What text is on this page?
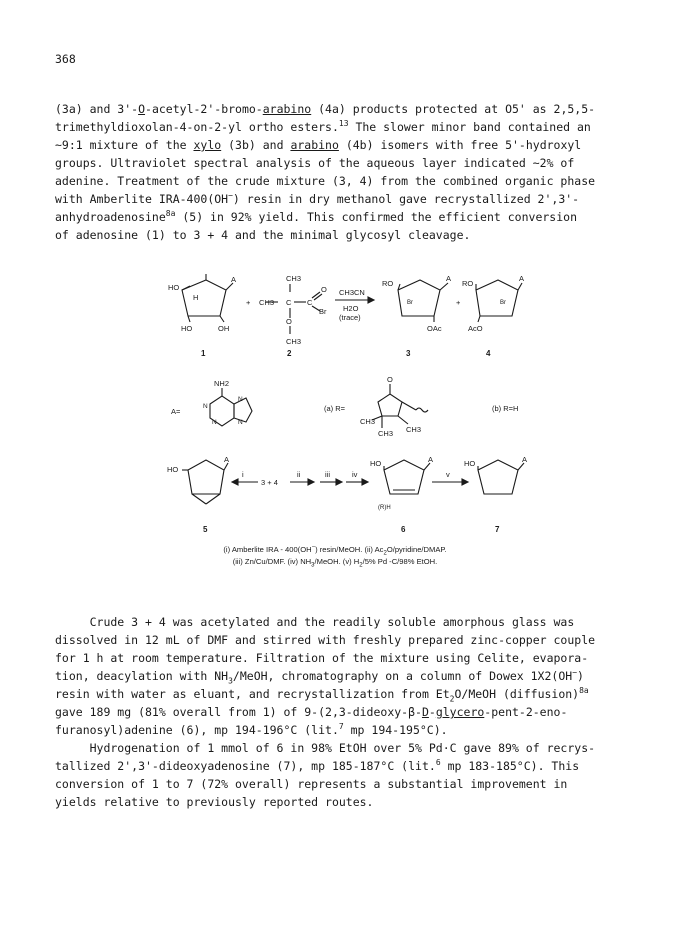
368

(3a) and 3'-O-acetyl-2'-bromo-arabino (4a) products protected at O5' as 2,5,5-

trimethyldioxolan-4-on-2-yl ortho esters.$^{13}$ The slower minor band contained an

~9:1 mixture of the xylo (3b) and arabino (4b) isomers with free 5'-hydroxyl

groups. Ultraviolet spectral analysis of the aqueous layer indicated ~2% of

adenine. Treatment of the crude mixture (3, 4) from the combined organic phase

with Amberlite IRA-400(OH−) resin in dry methanol gave recrystallized 2',3'-

anhydroadenosine$^{8a}$ (5) in 92% yield. This confirmed the efficient conversion

of adenosine (1) to 3 + 4 and the minimal glycosyl cleavage.

HO
H
HO	OH
A
1
+ CH3
CH3
C C
O
Br
O
CH3
2
CH3CN
H2O
(trace)
RO
A
Br
OAc
3
+
RO
A
Br
AcO
4
A=
NH2
N
N
N	N
(a) R=
O
CH3
CH3 CH3
(b) R=H
HO
A
5
i
3 + 4
ii	iii	iv	v
HO	A
(R)H
6
HO	A
7

(i) Amberlite IRA - 400(OH−) resin/MeOH. (ii) $Ac_2O/pyridine$/DMAP.

(iii) Zn/Cu/DMF. (iv) $NH_3$/MeOH. (v) $H_2/5\%$ Pd -C/98% EtOH.

Crude 3 + 4 was acetylated and the readily soluble amorphous glass was

dissolved in 12 mL of DMF and stirred with freshly prepared zinc-copper couple

for 1 h at room temperature. Filtration of the mixture using Celite, evapora-

tion, deacylation with $NH_3$/MeOH, chromatography on a column of Dowex 1X2(OH−)

resin with water as eluant, and recrystallization from $Et_2O$/MeOH (diffusion)$^{8a}$

gave 189 mg (81% overall from 1) of 9-(2,3-dideoxy-β-D-glycero-pent-2-eno-

furanosyl)adenine (6), mp 194-196°C (lit.$^7$ mp 194-195°C).

Hydrogenation of 1 mmol of 6 in 98% EtOH over 5% Pd·C gave 89% of recrys-

tallized 2',3'-dideoxyadenosine (7), mp 185-187°C (lit.$^6$ mp 183-185°C). This

conversion of 1 to 7 (72% overall) represents a substantial improvement in

yields relative to previously reported routes.
